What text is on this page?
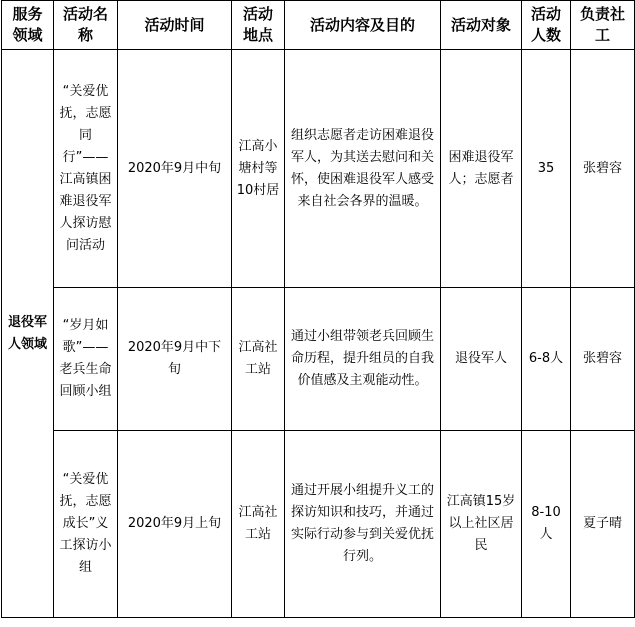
服务领域	活动名称	活动时间	活动地点	活动内容及目的	活动对象	活动人数	负责社工
退役军人领域	“关爱优抚，志愿同行”——江高镇困难退役军人探访慰问活动	2020年9月中旬	江高小塘村等10村居	组织志愿者走访困难退役军人，为其送去慰问和关怀，使困难退役军人感受来自社会各界的温暖。	困难退役军人；志愿者	35	张碧容
	“岁月如歌”——老兵生命回顾小组	2020年9月中下旬	江高社工站	通过小组带领老兵回顾生命历程，提升组员的自我价值感及主观能动性。	退役军人	6-8人	张碧容
	“关爱优抚，志愿成长”义工探访小组	2020年9月上旬	江高社工站	通过开展小组提升义工的探访知识和技巧，并通过实际行动参与到关爱优抚行列。	江高镇15岁以上社区居民	8-10人	夏子晴
